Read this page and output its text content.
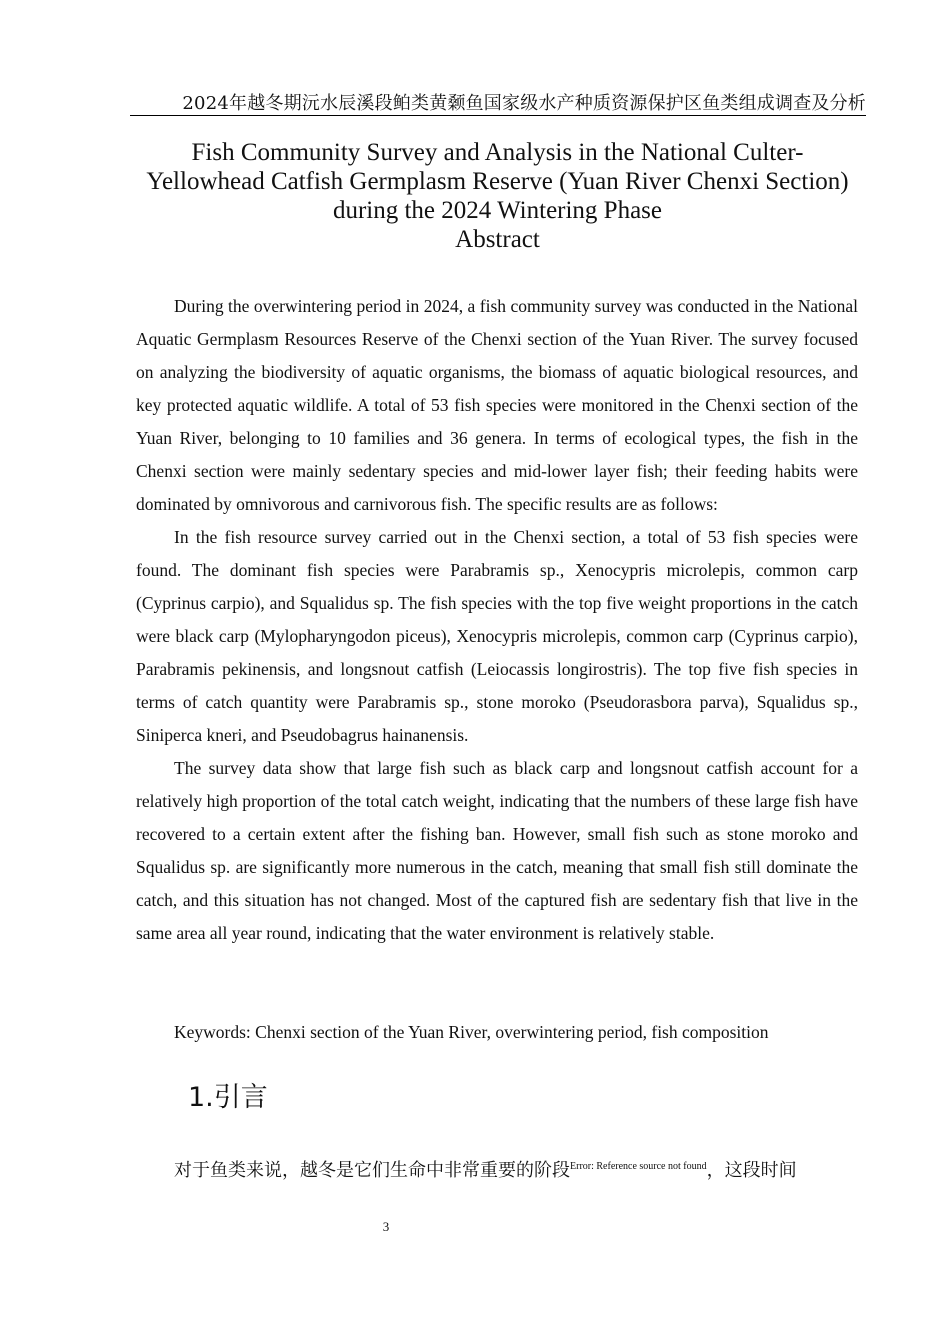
2024年越冬期沅水辰溪段鲌类黄颡鱼国家级水产种质资源保护区鱼类组成调查及分析
Fish Community Survey and Analysis in the National Culter-
Yellowhead Catfish Germplasm Reserve (Yuan River Chenxi Section)
during the 2024 Wintering Phase
Abstract

During the overwintering period in 2024, a fish community survey was conducted in the National Aquatic Germplasm Resources Reserve of the Chenxi section of the Yuan River. The survey focused on analyzing the biodiversity of aquatic organisms, the biomass of aquatic biological resources, and key protected aquatic wildlife. A total of 53 fish species were monitored in the Chenxi section of the Yuan River, belonging to 10 families and 36 genera. In terms of ecological types, the fish in the Chenxi section were mainly sedentary species and mid-lower layer fish; their feeding habits were dominated by omnivorous and carnivorous fish. The specific results are as follows:

In the fish resource survey carried out in the Chenxi section, a total of 53 fish species were found. The dominant fish species were Parabramis sp., Xenocypris microlepis, common carp (Cyprinus carpio), and Squalidus sp. The fish species with the top five weight proportions in the catch were black carp (Mylopharyngodon piceus), Xenocypris microlepis, common carp (Cyprinus carpio), Parabramis pekinensis, and longsnout catfish (Leiocassis longirostris). The top five fish species in terms of catch quantity were Parabramis sp., stone moroko (Pseudorasbora parva), Squalidus sp., Siniperca kneri, and Pseudobagrus hainanensis.

The survey data show that large fish such as black carp and longsnout catfish account for a relatively high proportion of the total catch weight, indicating that the numbers of these large fish have recovered to a certain extent after the fishing ban. However, small fish such as stone moroko and Squalidus sp. are significantly more numerous in the catch, meaning that small fish still dominate the catch, and this situation has not changed. Most of the captured fish are sedentary fish that live in the same area all year round, indicating that the water environment is relatively stable.

Keywords: Chenxi section of the Yuan River, overwintering period, fish composition
1.引言
对于鱼类来说，越冬是它们生命中非常重要的阶段$^{Error: Reference source not found}$，这段时间
3
